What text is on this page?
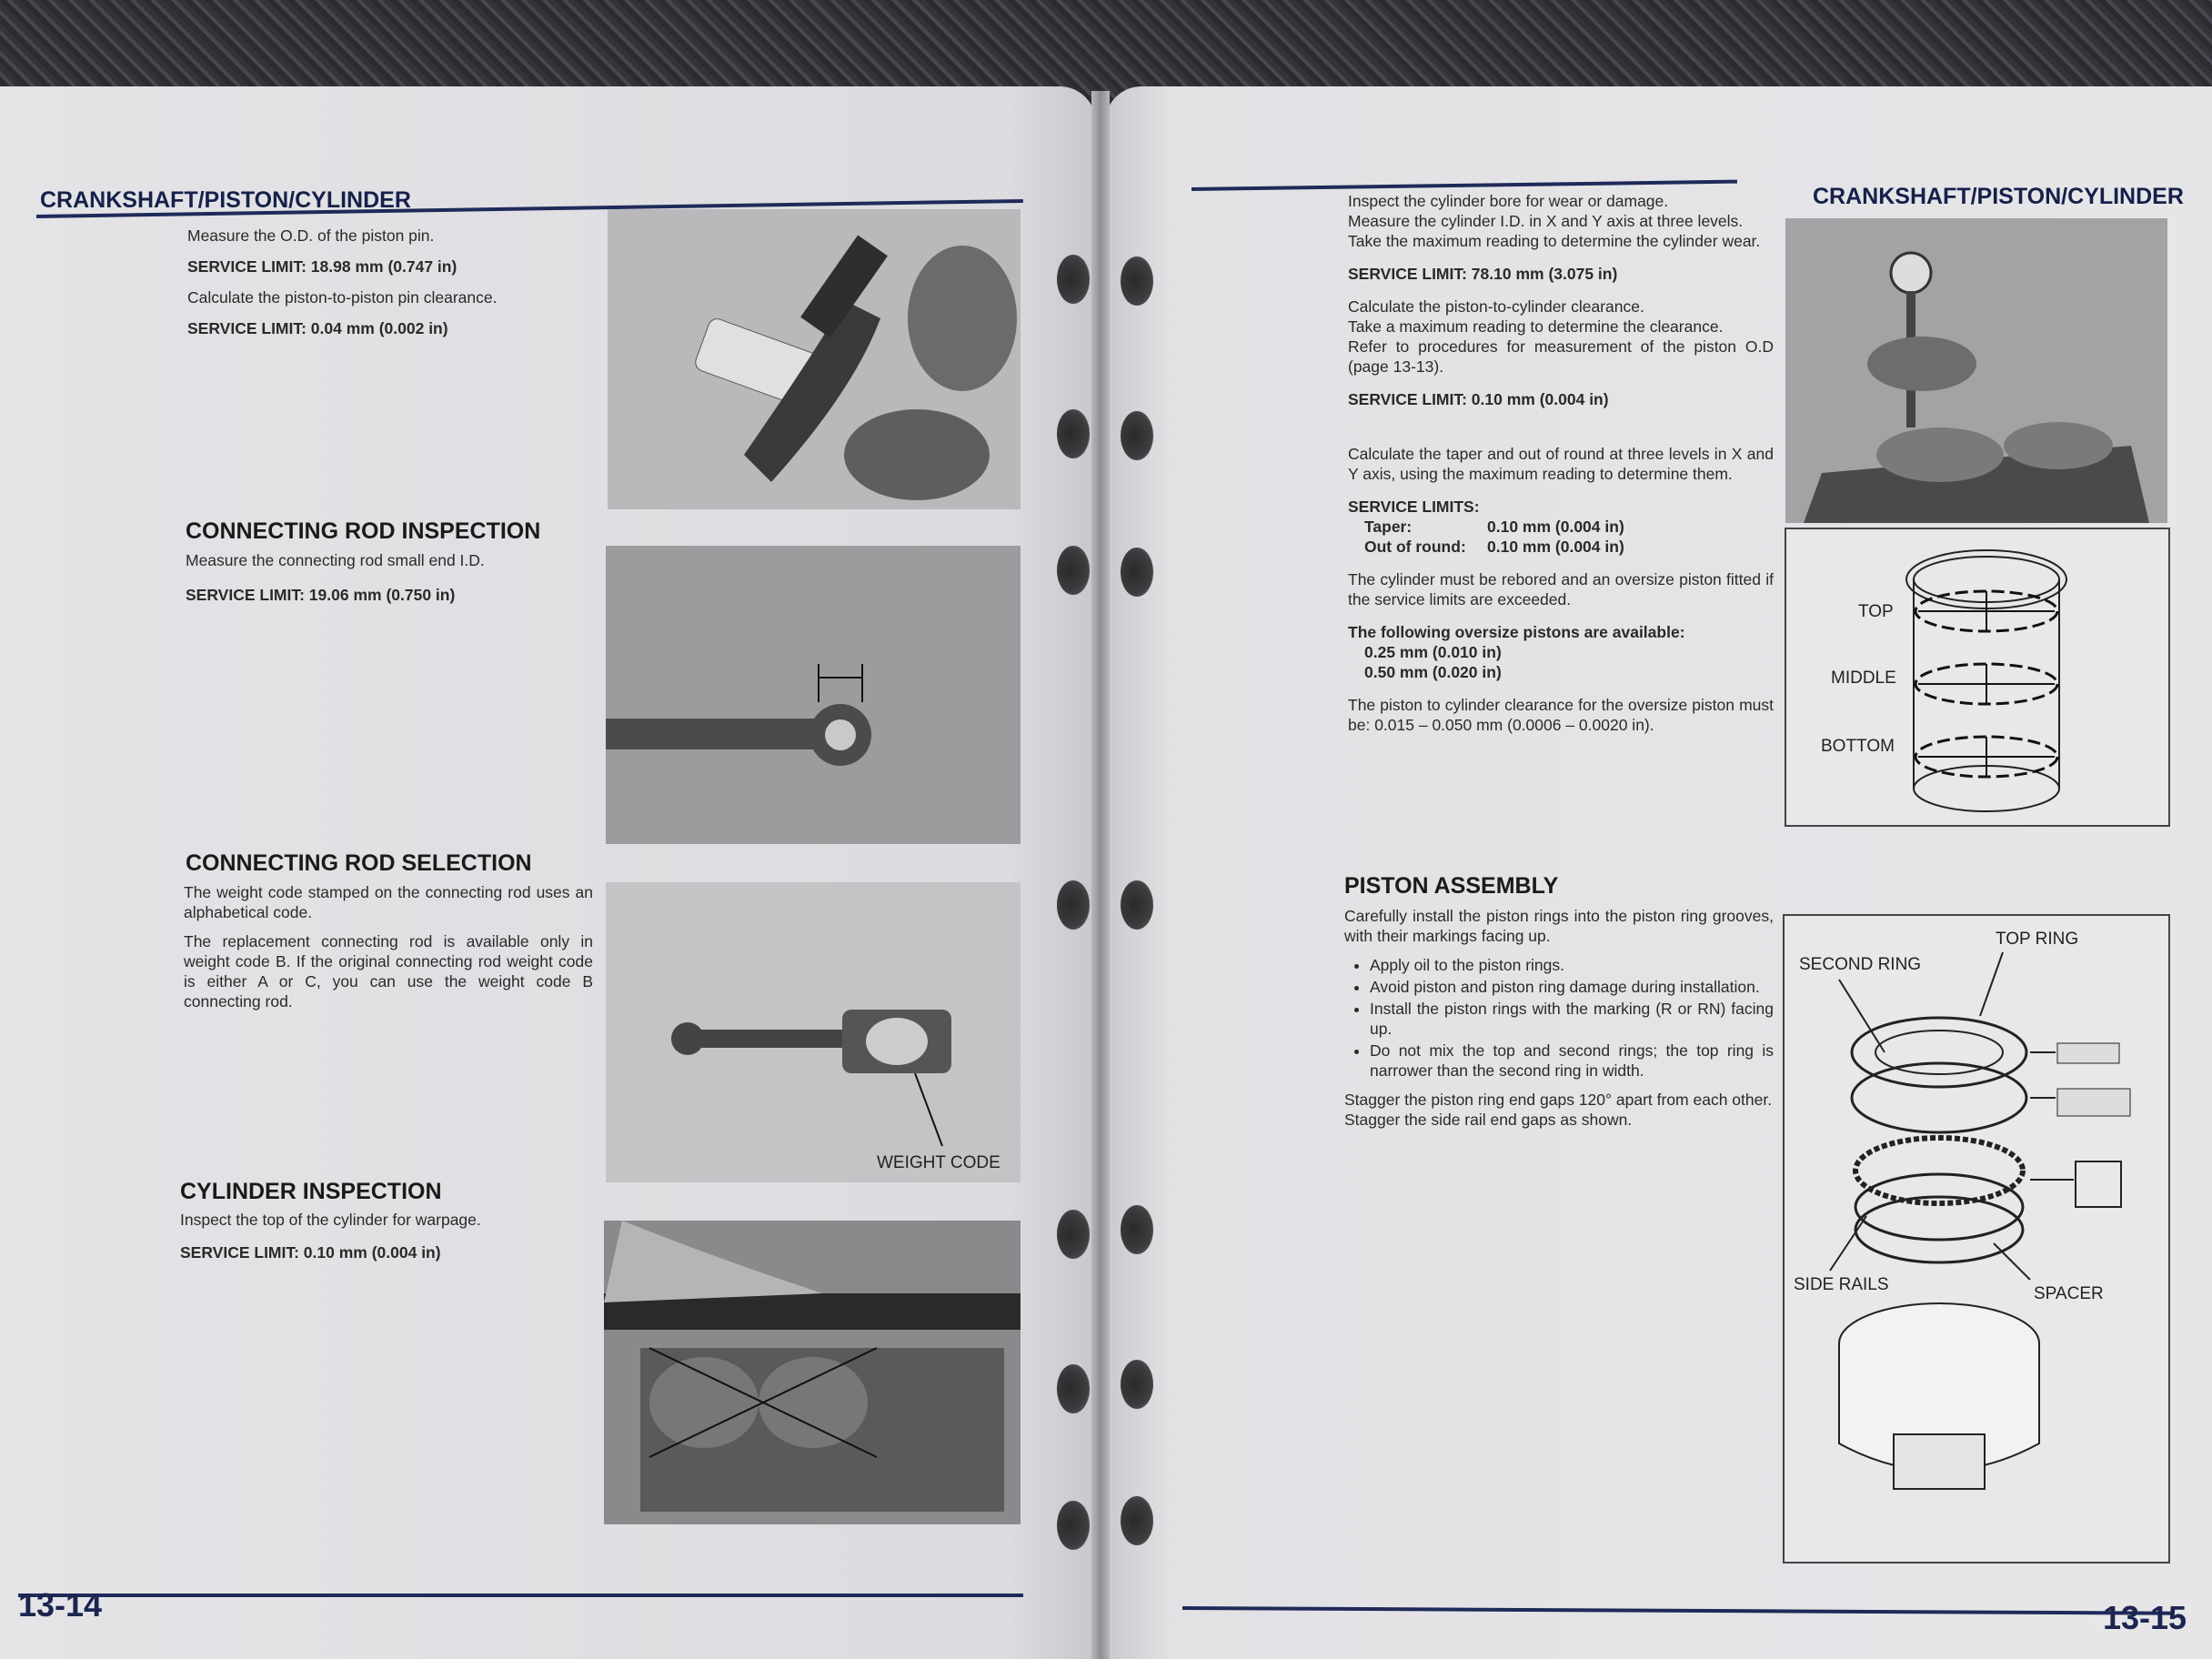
CRANKSHAFT/PISTON/CYLINDER

Measure the O.D. of the piston pin.

SERVICE LIMIT: 18.98 mm (0.747 in)

Calculate the piston-to-piston pin clearance.

SERVICE LIMIT: 0.04 mm (0.002 in)

CONNECTING ROD INSPECTION

Measure the connecting rod small end I.D.

SERVICE LIMIT: 19.06 mm (0.750 in)

CONNECTING ROD SELECTION

The weight code stamped on the connecting rod uses an alphabetical code.

The replacement connecting rod is available only in weight code B. If the original connecting rod weight code is either A or C, you can use the weight code B connecting rod.

WEIGHT CODE
CYLINDER INSPECTION

Inspect the top of the cylinder for warpage.

SERVICE LIMIT: 0.10 mm (0.004 in)

13-14
CRANKSHAFT/PISTON/CYLINDER

Inspect the cylinder bore for wear or damage.

Measure the cylinder I.D. in X and Y axis at three levels.

Take the maximum reading to determine the cylinder wear.

SERVICE LIMIT: 78.10 mm (3.075 in)

Calculate the piston-to-cylinder clearance.

Take a maximum reading to determine the clearance.

Refer to procedures for measurement of the piston O.D (page 13-13).

SERVICE LIMIT: 0.10 mm (0.004 in)

Calculate the taper and out of round at three levels in X and Y axis, using the maximum reading to determine them.

SERVICE LIMITS:

Taper:	0.10 mm (0.004 in)
Out of round: 0.10 mm (0.004 in)

The cylinder must be rebored and an oversize piston fitted if the service limits are exceeded.

The following oversize pistons are available:

0.25 mm (0.010 in)
0.50 mm (0.020 in)

The piston to cylinder clearance for the oversize piston must be: 0.015 – 0.050 mm (0.0006 – 0.0020 in).

TOP
MIDDLE
BOTTOM
PISTON ASSEMBLY

Carefully install the piston rings into the piston ring grooves, with their markings facing up.

• Apply oil to the piston rings.
• Avoid piston and piston ring damage during installation.
• Install the piston rings with the marking (R or RN) facing up.
• Do not mix the top and second rings; the top ring is narrower than the second ring in width.

Stagger the piston ring end gaps 120° apart from each other.

Stagger the side rail end gaps as shown.

SECOND RING
TOP RING
SIDE RAILS	SPACER
13-15
